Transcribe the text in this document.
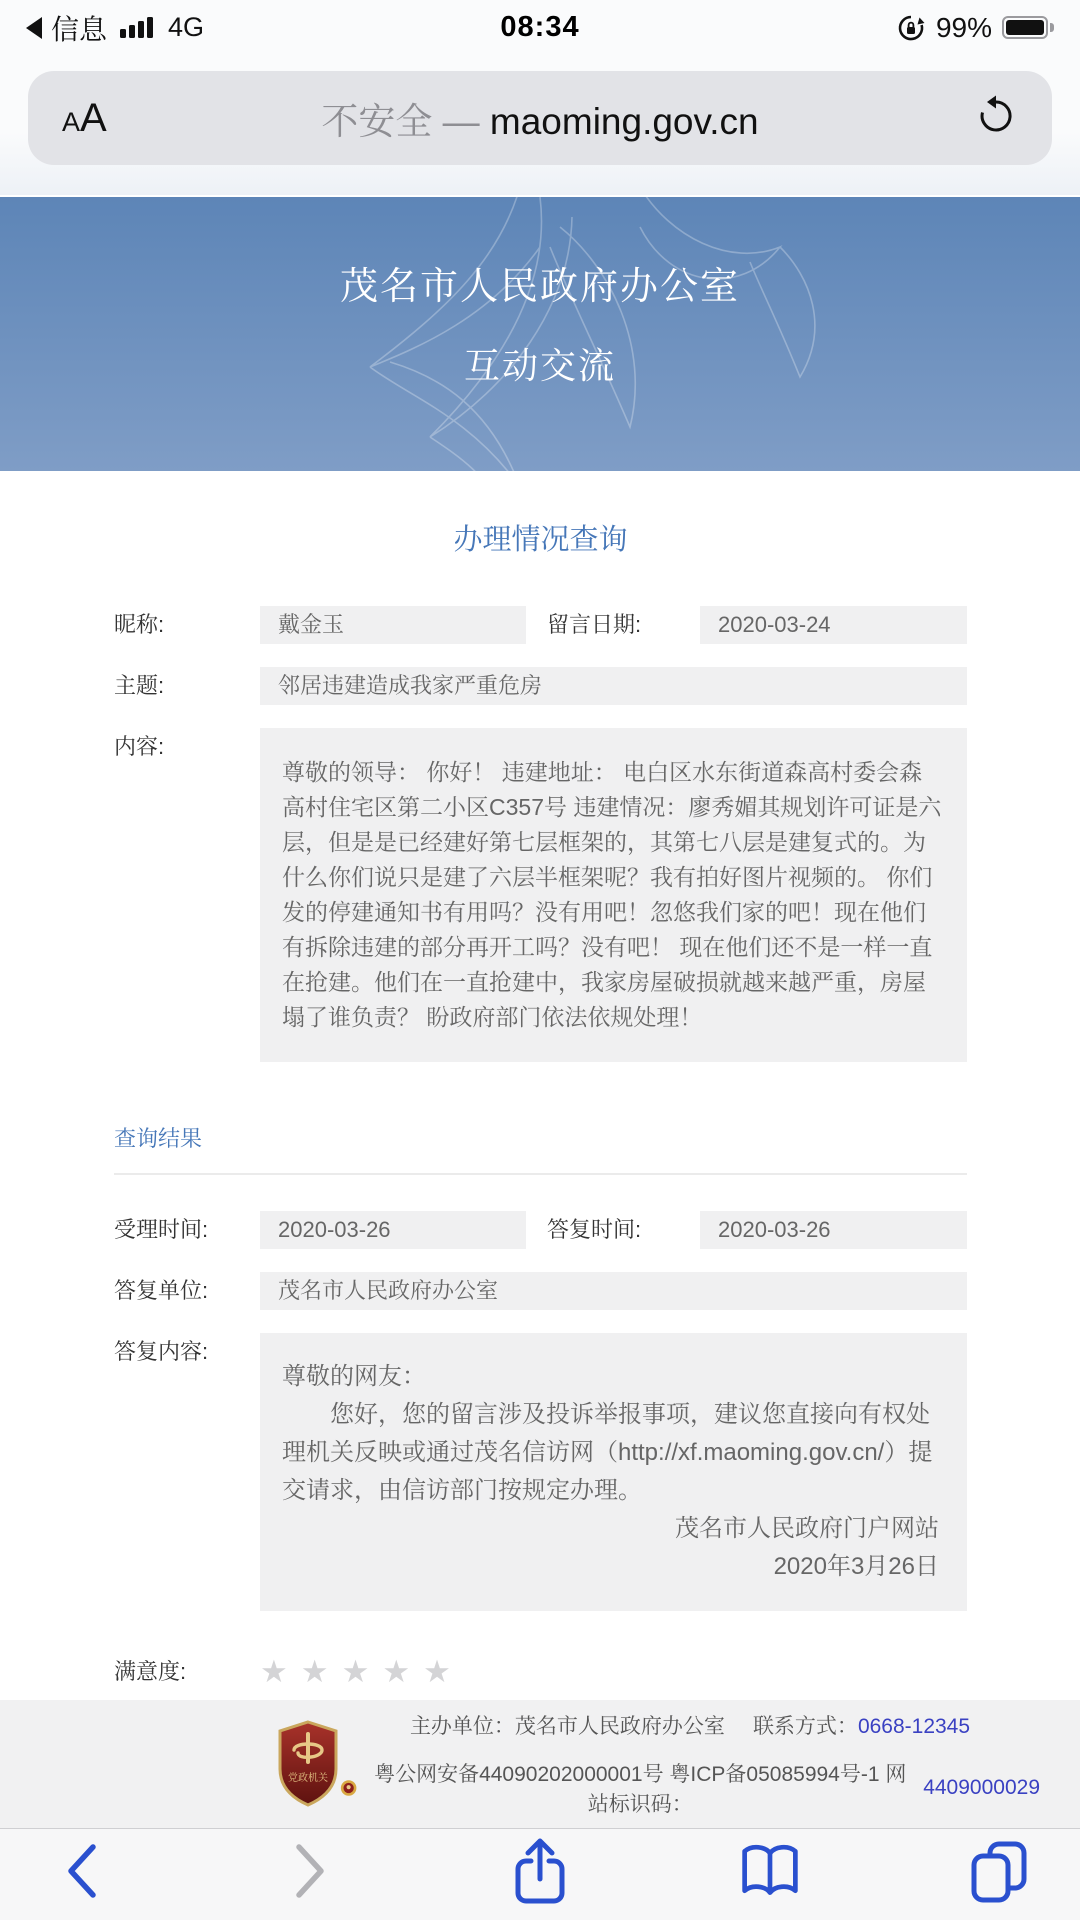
信息 4G	08:34	99%
AA	不安全 — maoming.gov.cn
茂名市人民政府办公室
互动交流
办理情况查询
昵称:	戴金玉	留言日期:	2020-03-24
主题:	邻居违建造成我家严重危房
内容:
尊敬的领导： 你好！ 违建地址： 电白区水东街道森高村委会森高村住宅区第二小区C357号 违建情况：廖秀媚其规划许可证是六层，但是是已经建好第七层框架的，其第七八层是建复式的。为什么你们说只是建了六层半框架呢？我有拍好图片视频的。 你们发的停建通知书有用吗？没有用吧！忽悠我们家的吧！现在他们有拆除违建的部分再开工吗？没有吧！ 现在他们还不是一样一直在抢建。他们在一直抢建中，我家房屋破损就越来越严重，房屋塌了谁负责？ 盼政府部门依法依规处理！
查询结果
受理时间:	2020-03-26	答复时间:	2020-03-26
答复单位:	茂名市人民政府办公室
答复内容:
尊敬的网友：
您好，您的留言涉及投诉举报事项，建议您直接向有权处理机关反映或通过茂名信访网（http://xf.maoming.gov.cn/）提交请求，由信访部门按规定办理。
茂名市人民政府门户网站
2020年3月26日
满意度:	★★★★★
党政机关
主办单位：茂名市人民政府办公室 联系方式：0668-12345
粤公网安备44090202000001号 粤ICP备05085994号-1 网站标识码：
4409000029
